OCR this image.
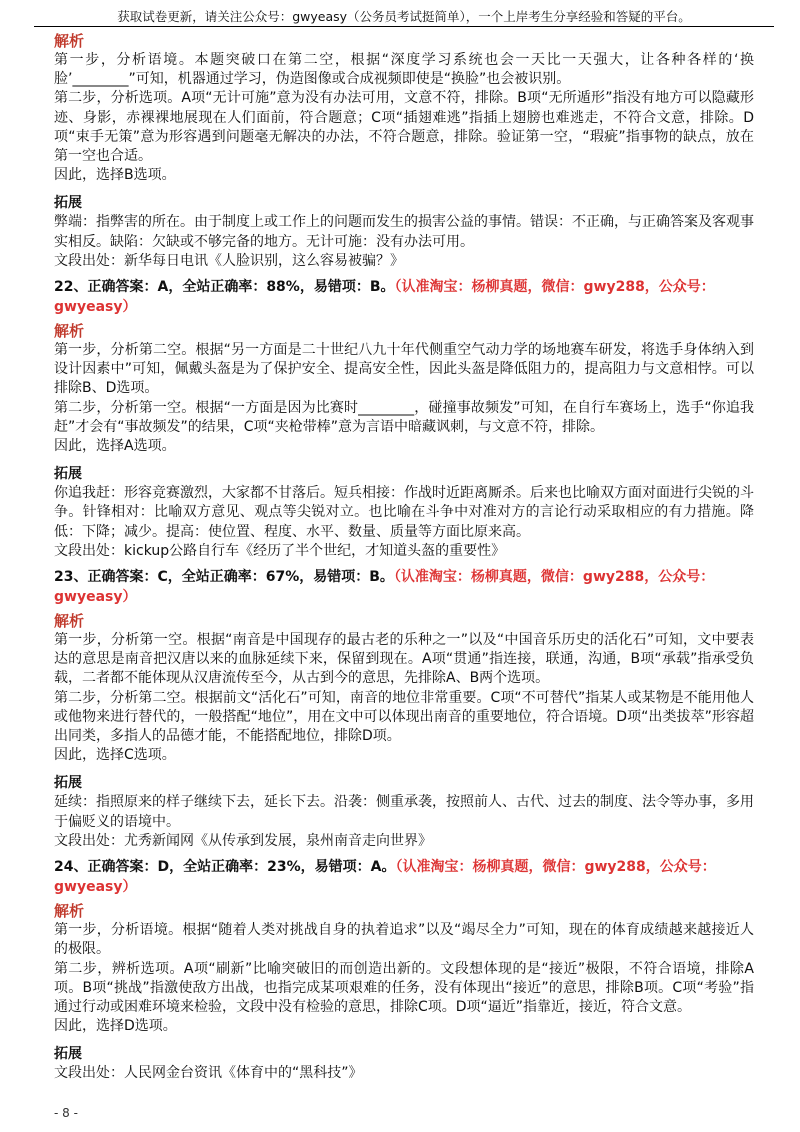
获取试卷更新，请关注公众号：gwyeasy（公务员考试挺简单），一个上岸考生分享经验和答疑的平台。
解析

第一步，分析语境。本题突破口在第二空，根据“深度学习系统也会一天比一天强大，让各种各样的‘换脸’________”可知，机器通过学习，伪造图像或合成视频即使是“换脸”也会被识别。

第二步，分析选项。A项“无计可施”意为没有办法可用，文意不符，排除。B项“无所遁形”指没有地方可以隐藏形迹、身影，赤裸裸地展现在人们面前，符合题意；C项“插翅难逃”指插上翅膀也难逃走，不符合文意，排除。D项“束手无策”意为形容遇到问题毫无解决的办法，不符合题意，排除。验证第一空，“瑕疵”指事物的缺点，放在第一空也合适。

因此，选择B选项。

拓展

弊端：指弊害的所在。由于制度上或工作上的问题而发生的损害公益的事情。错误：不正确，与正确答案及客观事实相反。缺陷：欠缺或不够完备的地方。无计可施：没有办法可用。

文段出处：新华每日电讯《人脸识别，这么容易被骗？》

22、正确答案：A，全站正确率：88%，易错项：B。（认准淘宝：杨柳真题，微信：gwy288，公众号：gwyeasy）
解析

第一步，分析第二空。根据“另一方面是二十世纪八九十年代侧重空气动力学的场地赛车研发，将选手身体纳入到设计因素中”可知，佩戴头盔是为了保护安全、提高安全性，因此头盔是降低阻力的，提高阻力与文意相悖。可以排除B、D选项。

第二步，分析第一空。根据“一方面是因为比赛时________，碰撞事故频发”可知，在自行车赛场上，选手“你追我赶”才会有“事故频发”的结果，C项“夹枪带棒”意为言语中暗藏讽刺，与文意不符，排除。

因此，选择A选项。

拓展

你追我赶：形容竞赛激烈，大家都不甘落后。短兵相接：作战时近距离厮杀。后来也比喻双方面对面进行尖锐的斗争。针锋相对：比喻双方意见、观点等尖锐对立。也比喻在斗争中对准对方的言论行动采取相应的有力措施。降低：下降；减少。提高：使位置、程度、水平、数量、质量等方面比原来高。

文段出处：kickup公路自行车《经历了半个世纪，才知道头盔的重要性》

23、正确答案：C，全站正确率：67%，易错项：B。（认准淘宝：杨柳真题，微信：gwy288，公众号：gwyeasy）
解析

第一步，分析第一空。根据“南音是中国现存的最古老的乐种之一”以及“中国音乐历史的活化石”可知，文中要表达的意思是南音把汉唐以来的血脉延续下来，保留到现在。A项“贯通”指连接，联通，沟通，B项“承载”指承受负载，二者都不能体现从汉唐流传至今，从古到今的意思，先排除A、B两个选项。

第二步，分析第二空。根据前文“活化石”可知，南音的地位非常重要。C项“不可替代”指某人或某物是不能用他人或他物来进行替代的，一般搭配“地位”，用在文中可以体现出南音的重要地位，符合语境。D项“出类拔萃”形容超出同类，多指人的品德才能，不能搭配地位，排除D项。

因此，选择C选项。

拓展

延续：指照原来的样子继续下去，延长下去。沿袭：侧重承袭，按照前人、古代、过去的制度、法令等办事，多用于偏贬义的语境中。

文段出处：尤秀新闻网《从传承到发展，泉州南音走向世界》

24、正确答案：D，全站正确率：23%，易错项：A。（认准淘宝：杨柳真题，微信：gwy288，公众号：gwyeasy）
解析

第一步，分析语境。根据“随着人类对挑战自身的执着追求”以及“竭尽全力”可知，现在的体育成绩越来越接近人的极限。

第二步，辨析选项。A项“刷新”比喻突破旧的而创造出新的。文段想体现的是“接近”极限，不符合语境，排除A项。B项“挑战”指激使敌方出战，也指完成某项艰难的任务，没有体现出“接近”的意思，排除B项。C项“考验”指通过行动或困难环境来检验，文段中没有检验的意思，排除C项。D项“逼近”指靠近，接近，符合文意。

因此，选择D选项。

拓展

文段出处：人民网金台资讯《体育中的“黑科技”》

- 8 -
